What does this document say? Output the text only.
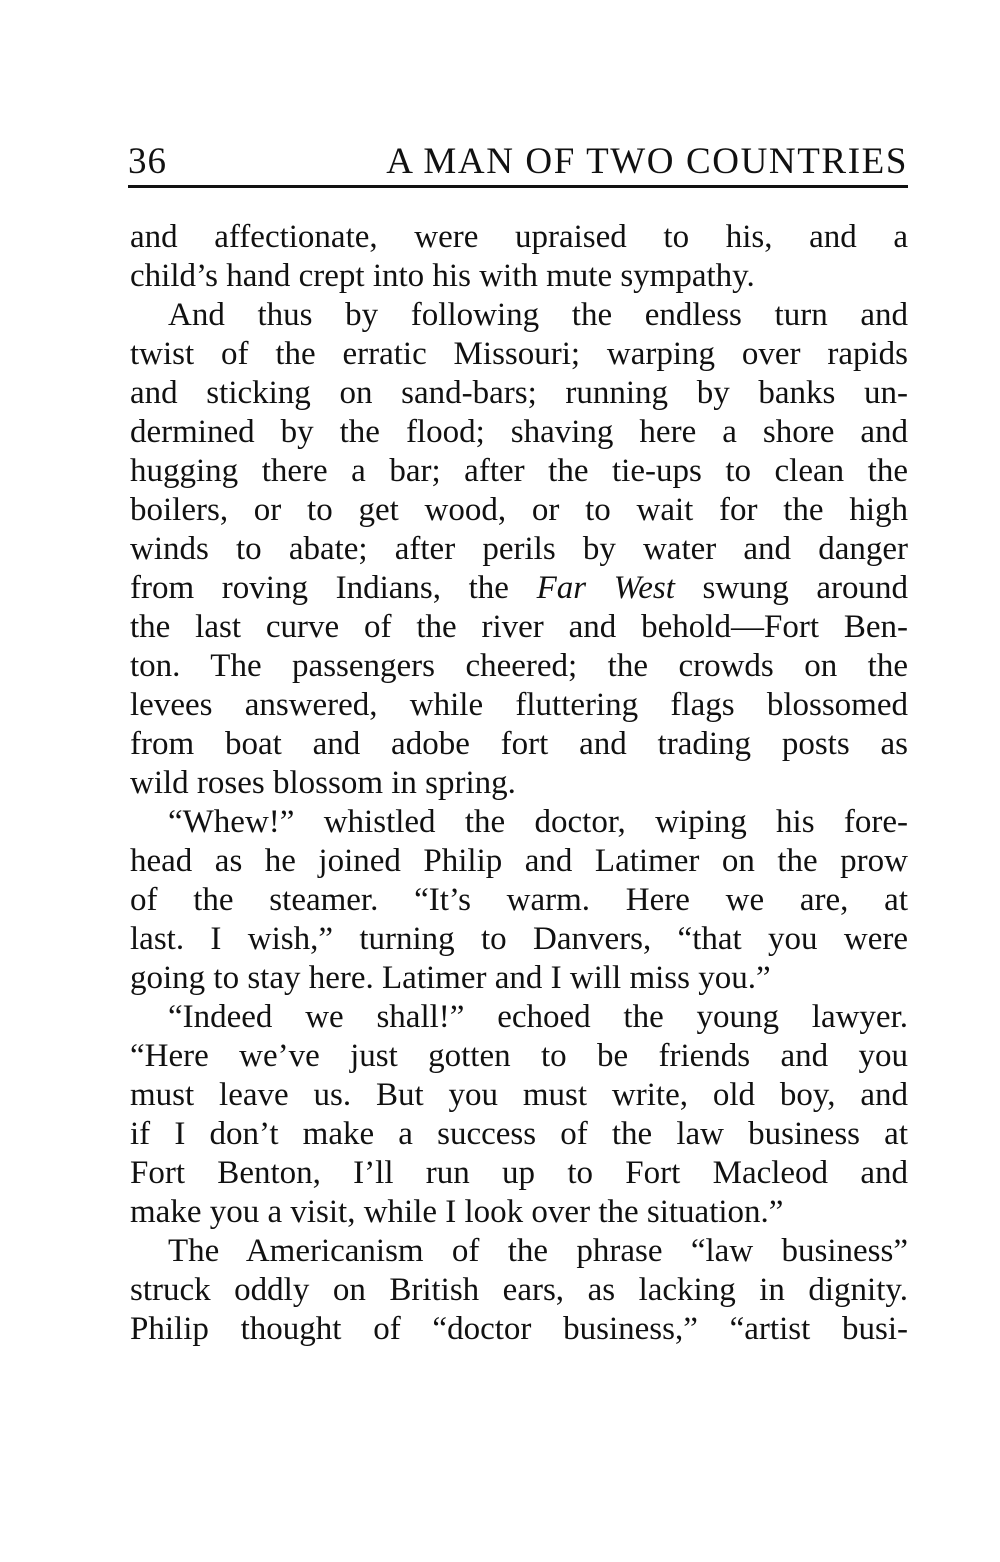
36	A MAN OF TWO COUNTRIES
and affectionate, were upraised to his, and a
child’s hand crept into his with mute sympathy.
And thus by following the endless turn and
twist of the erratic Missouri; warping over rapids
and sticking on sand-bars; running by banks un-
dermined by the flood; shaving here a shore and
hugging there a bar; after the tie-ups to clean the
boilers, or to get wood, or to wait for the high
winds to abate; after perils by water and danger
from roving Indians, the Far West swung around
the last curve of the river and behold—Fort Ben-
ton. The passengers cheered; the crowds on the
levees answered, while fluttering flags blossomed
from boat and adobe fort and trading posts as
wild roses blossom in spring.
“Whew!” whistled the doctor, wiping his fore-
head as he joined Philip and Latimer on the prow
of the steamer. “It’s warm. Here we are, at
last. I wish,” turning to Danvers, “that you were
going to stay here. Latimer and I will miss you.”
“Indeed we shall!” echoed the young lawyer.
“Here we’ve just gotten to be friends and you
must leave us. But you must write, old boy, and
if I don’t make a success of the law business at
Fort Benton, I’ll run up to Fort Macleod and
make you a visit, while I look over the situation.”
The Americanism of the phrase “law business”
struck oddly on British ears, as lacking in dignity.
Philip thought of “doctor business,” “artist busi-
